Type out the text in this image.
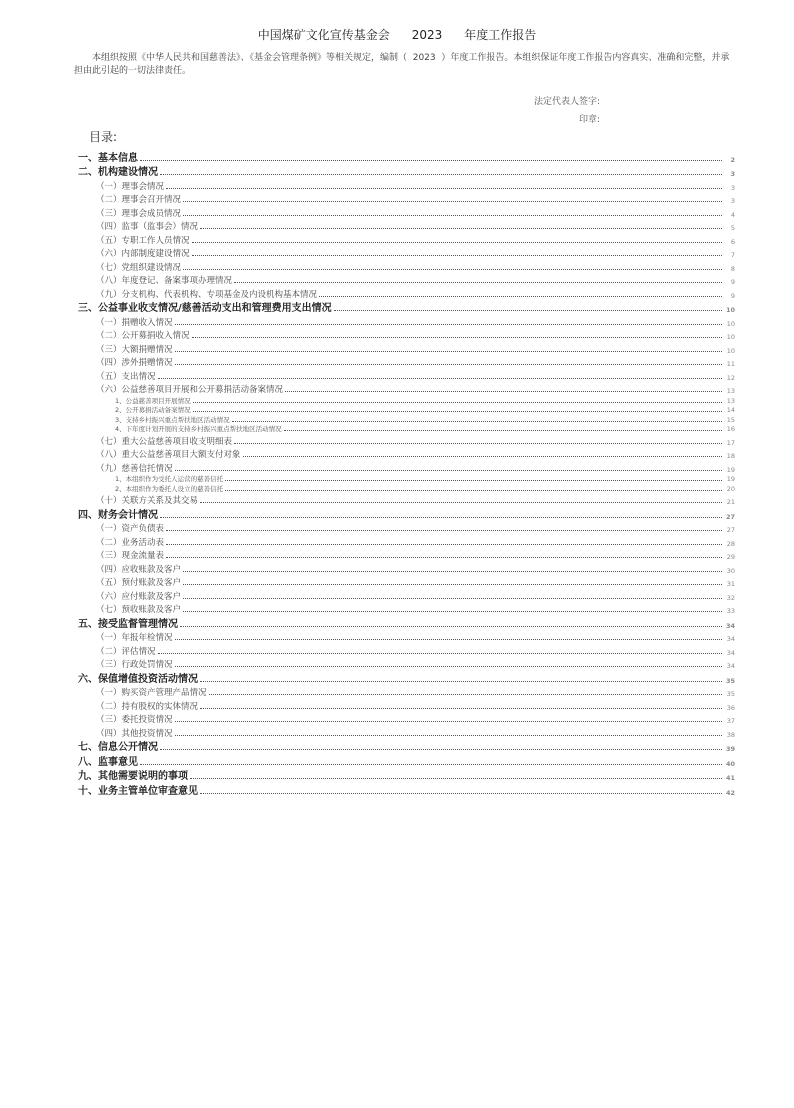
中国煤矿文化宣传基金会 2023 年度工作报告

本组织按照《中华人民共和国慈善法》、《基金会管理条例》等相关规定，编制（  2023  ）年度工作报告。本组织保证年度工作报告内容真实、准确和完整，并承担由此引起的一切法律责任。

法定代表人签字:
印章:
目录:
一、基本信息	2
二、机构建设情况	3
（一）理事会情况	3
（二）理事会召开情况	3
（三）理事会成员情况	4
（四）监事（监事会）情况	5
（五）专职工作人员情况	6
（六）内部制度建设情况	7
（七）党组织建设情况	8
（八）年度登记、备案事项办理情况	9
（九）分支机构、代表机构、专项基金及内设机构基本情况	9
三、公益事业收支情况/慈善活动支出和管理费用支出情况	10
（一）捐赠收入情况	10
（二）公开募捐收入情况	10
（三）大额捐赠情况	10
（四）涉外捐赠情况	11
（五）支出情况	12
（六）公益慈善项目开展和公开募捐活动备案情况	13
1、公益慈善项目开展情况	13
2、公开募捐活动备案情况	14
3、支持乡村振兴重点帮扶地区活动情况	15
4、下年度计划开展的支持乡村振兴重点帮扶地区活动情况	16
（七）重大公益慈善项目收支明细表	17
（八）重大公益慈善项目大额支付对象	18
（九）慈善信托情况	19
1、本组织作为受托人运营的慈善信托	19
2、本组织作为委托人设立的慈善信托	20
（十）关联方关系及其交易	21
四、财务会计情况	27
（一）资产负债表	27
（二）业务活动表	28
（三）现金流量表	29
（四）应收账款及客户	30
（五）预付账款及客户	31
（六）应付账款及客户	32
（七）预收账款及客户	33
五、接受监督管理情况	34
（一）年报年检情况	34
（二）评估情况	34
（三）行政处罚情况	34
六、保值增值投资活动情况	35
（一）购买资产管理产品情况	35
（二）持有股权的实体情况	36
（三）委托投资情况	37
（四）其他投资情况	38
七、信息公开情况	39
八、监事意见	40
九、其他需要说明的事项	41
十、业务主管单位审查意见	42
